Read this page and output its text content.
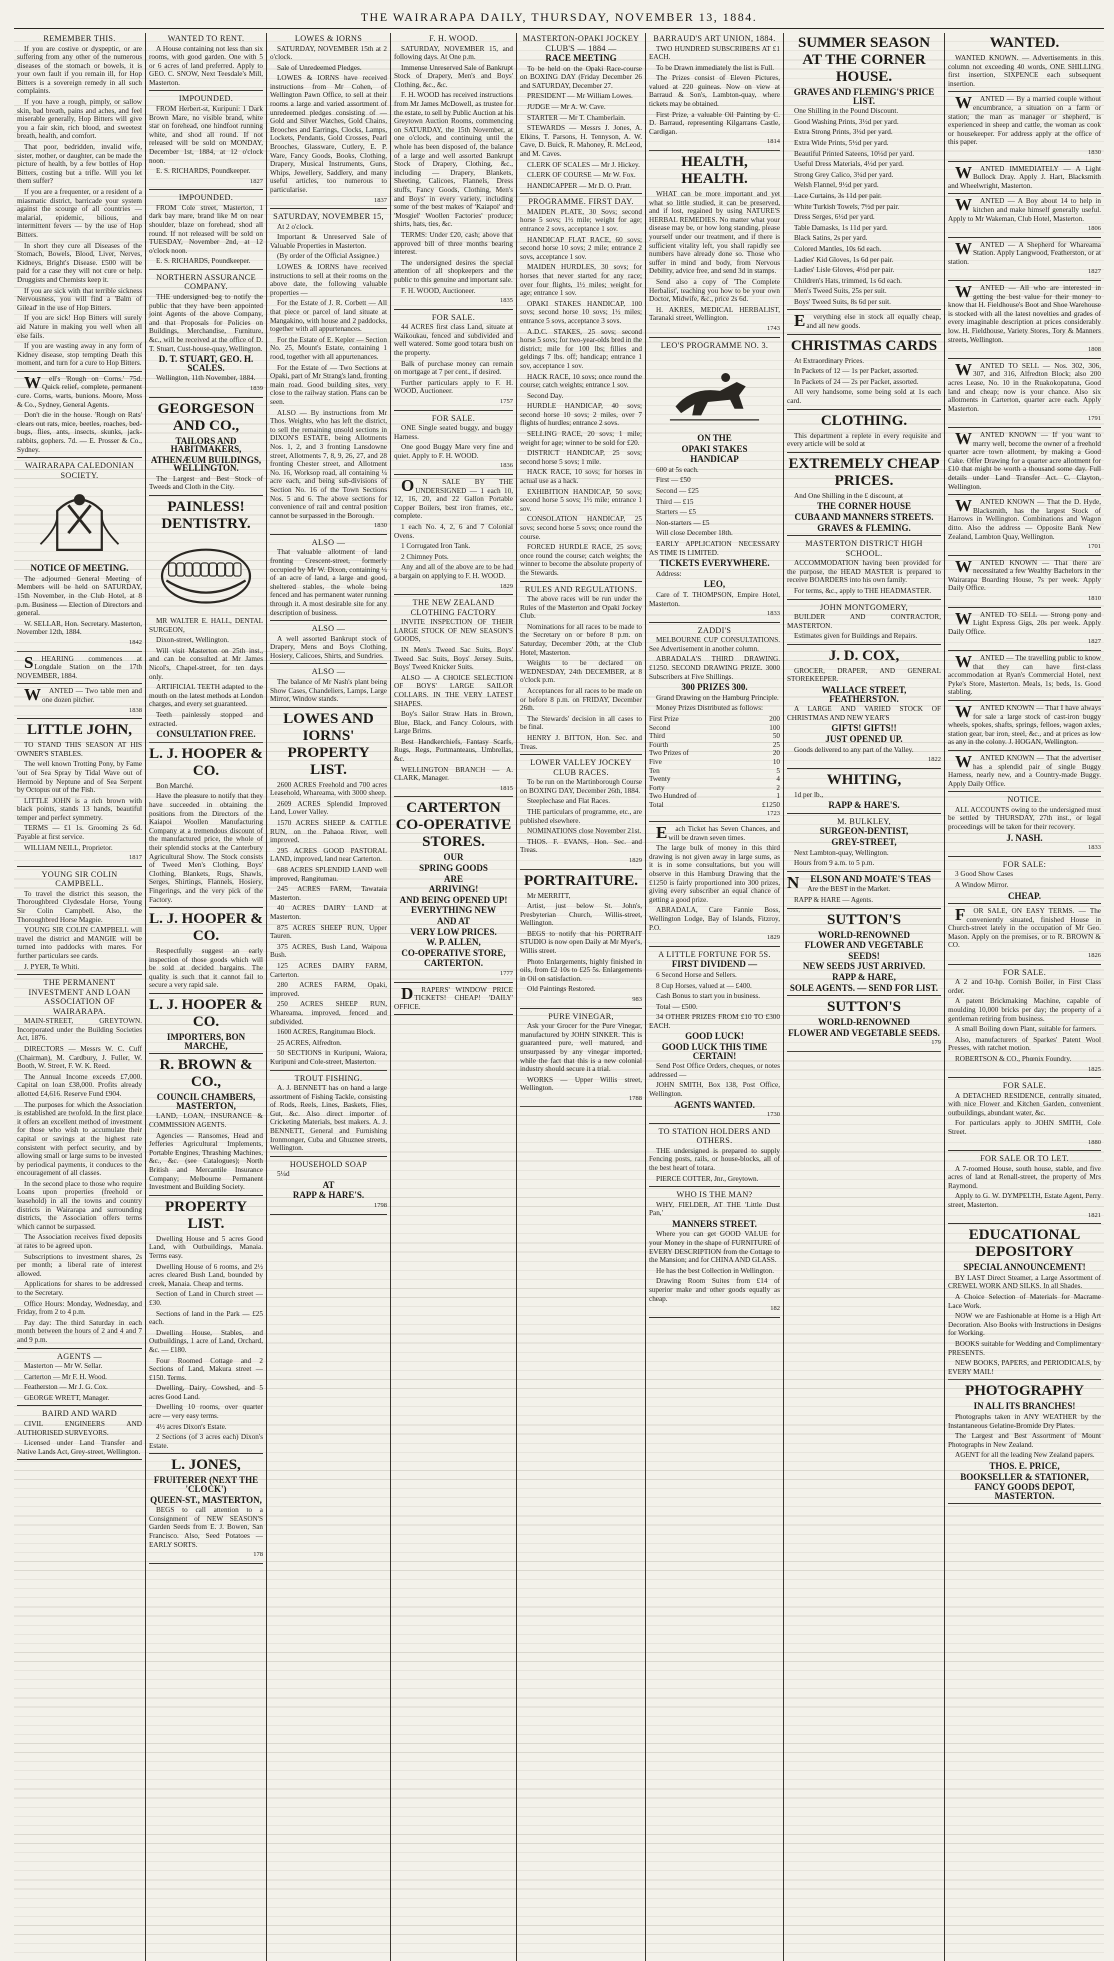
THE WAIRARAPA DAILY, THURSDAY, NOVEMBER 13, 1884.
REMEMBER THIS.

If you are costive or dyspeptic, or are suffering from any other of the numerous diseases of the stomach or bowels, it is your own fault if you remain ill, for Hop Bitters is a sovereign remedy in all such complaints.

If you have a rough, pimply, or sallow skin, bad breath, pains and aches, and feel miserable generally, Hop Bitters will give you a fair skin, rich blood, and sweetest breath, health, and comfort.

That poor, bedridden, invalid wife, sister, mother, or daughter, can be made the picture of health, by a few bottles of Hop Bitters, costing but a trifle. Will you let them suffer?

If you are a frequenter, or a resident of a miasmatic district, barricade your system against the scourge of all countries — malarial, epidemic, bilious, and intermittent fevers — by the use of Hop Bitters.

In short they cure all Diseases of the Stomach, Bowels, Blood, Liver, Nerves, Kidneys, Bright's Disease. £500 will be paid for a case they will not cure or help. Druggists and Chemists keep it.

If you are sick with that terrible sickness Nervousness, you will find a 'Balm of Gilead' in the use of Hop Bitters.

If you are sick! Hop Bitters will surely aid Nature in making you well when all else fails.

If you are wasting away in any form of Kidney disease, stop tempting Death this moment, and turn for a cure to Hop Bitters.

Well's 'Rough on Corns.' 75d. Quick relief, complete, permanent cure. Corns, warts, bunions. Moore, Moss & Co., Sydney, General Agents.

Don't die in the house. 'Rough on Rats' clears out rats, mice, beetles, roaches, bed-bugs, flies, ants, insects, skunks, jack-rabbits, gophers. 7d. — E. Prosser & Co., Sydney.

WAIRARAPA CALEDONIAN SOCIETY.

NOTICE OF MEETING.

The adjourned General Meeting of Members will be held on SATURDAY, 15th November, in the Club Hotel, at 8 p.m. Business — Election of Directors and general.

W. SELLAR, Hon. Secretary. Masterton, November 12th, 1884.

1842

SHEARING commences at Longdale Station on the 17th NOVEMBER, 1884.

WANTED — Two table men and one dozen pitcher.

1838
LITTLE JOHN,

TO STAND THIS SEASON AT HIS OWNER'S STABLES.

The well known Trotting Pony, by Fame 'out of Sea Spray by Tidal Wave out of Hermoid by Neptune and of Sea Serpent by Octopus out of the Fish.

LITTLE JOHN is a rich brown with black points, stands 13 hands, beautiful temper and perfect symmetry.

TERMS — £1 1s. Grooming 2s 6d. Payable at first service.

WILLIAM NEILL, Proprietor.

1817
YOUNG SIR COLIN CAMPBELL.

To travel the district this season, the Thoroughbred Clydesdale Horse, Young Sir Colin Campbell. Also, the Thoroughbred Horse Magpie.

YOUNG SIR COLIN CAMPBELL will travel the district and MANGIE will be turned into paddocks with mares. For further particulars see cards.

J. PYER, Te Whiti.

THE PERMANENT INVESTMENT AND LOAN ASSOCIATION OF WAIRARAPA.

MAIN-STREET, GREYTOWN. Incorporated under the Building Societies Act, 1876.

DIRECTORS — Messrs W. C. Cuff (Chairman), M. Cardbury, J. Fuller, W. Booth, W. Street, F. W. K. Reed.

The Annual Income exceeds £7,000. Capital on loan £38,000. Profits already allotted £4,616. Reserve Fund £904.

The purposes for which the Association is established are twofold. In the first place it offers an excellent method of investment for those who wish to accumulate their capital or savings at the highest rate consistent with perfect security, and by allowing small or large sums to be invested by periodical payments, it conduces to the encouragement of all classes.

In the second place to those who require Loans upon properties (freehold or leasehold) in all the towns and country districts in Wairarapa and surrounding districts, the Association offers terms which cannot be surpassed.

The Association receives fixed deposits at rates to be agreed upon.

Subscriptions to investment shares, 2s per month; a liberal rate of interest allowed.

Applications for shares to be addressed to the Secretary.

Office Hours: Monday, Wednesday, and Friday, from 2 to 4 p.m.

Pay day: The third Saturday in each month between the hours of 2 and 4 and 7 and 9 p.m.

AGENTS —

Masterton — Mr W. Sellar.

Carterton — Mr F. H. Wood.

Featherston — Mr J. G. Cox.

GEORGE WRETT, Manager.

BAIRD AND WARD

CIVIL ENGINEERS AND AUTHORISED SURVEYORS.

Licensed under Land Transfer and Native Lands Act, Grey-street, Wellington.

WANTED TO RENT.

A House containing not less than six rooms, with good garden. One with 5 or 6 acres of land preferred. Apply to GEO. C. SNOW, Next Teesdale's Mill, Masterton.

IMPOUNDED.

FROM Herbert-st, Kuripuni: 1 Dark Brown Mare, no visible brand, white star on forehead, one hindfoot running white, and shod all round. If not released will be sold on MONDAY, December 1st, 1884, at 12 o'clock noon.

E. S. RICHARDS, Poundkeeper.

1827
IMPOUNDED.

FROM Cole street, Masterton, 1 dark bay mare, brand like M on near shoulder, blaze on forehead, shod all round. If not released will be sold on TUESDAY, November 2nd, at 12 o'clock noon.

E. S. RICHARDS, Poundkeeper.

NORTHERN ASSURANCE COMPANY.

THE undersigned beg to notify the public that they have been appointed joint Agents of the above Company, and that Proposals for Policies on Buildings, Merchandise, Furniture, &c., will be received at the office of D. T. Stuart, Cust-house-quay, Wellington.

D. T. STUART, GEO. H. SCALES.

Wellington, 11th November, 1884.

1839
GEORGESON AND CO.,

TAILORS AND HABITMAKERS,

ATHENÆUM BUILDINGS, WELLINGTON.

The Largest and Best Stock of Tweeds and Cloth in the City.

PAINLESS! DENTISTRY.

MR WALTER E. HALL, DENTAL SURGEON,

Dixon-street, Wellington.

Will visit Masterton on 25th inst., and can be consulted at Mr James Nicol's, Chapel-street, for ten days only.

ARTIFICIAL TEETH adapted to the mouth on the latest methods at London charges, and every set guaranteed.

Teeth painlessly stopped and extracted.

CONSULTATION FREE.

L. J. HOOPER & CO.

Bon Marché.

Have the pleasure to notify that they have succeeded in obtaining the positions from the Directors of the Kaiapoi Woollen Manufacturing Company at a tremendous discount of the manufactured price, the whole of their splendid stocks at the Canterbury Agricultural Show. The Stock consists of Tweed Men's Clothing, Boys' Clothing, Blankets, Rugs, Shawls, Serges, Shirtings, Flannels, Hosiery, Fingerings, and the very pick of the Factory.

L. J. HOOPER & CO.

Respectfully suggest an early inspection of those goods which will be sold at decided bargains. The quality is such that it cannot fail to secure a very rapid sale.

L. J. HOOPER & CO.

IMPORTERS, BON MARCHE,

R. BROWN & CO.,

COUNCIL CHAMBERS, MASTERTON,

LAND, LOAN, INSURANCE & COMMISSION AGENTS.

Agencies — Ransomes, Head and Jefferies Agricultural Implements, Portable Engines, Thrashing Machines, &c., &c. (see Catalogues); North British and Mercantile Insurance Company; Melbourne Permanent Investment and Building Society.

PROPERTY LIST.

Dwelling House and 5 acres Good Land, with Outbuildings, Manaia. Terms easy.

Dwelling House of 6 rooms, and 2½ acres cleared Bush Land, bounded by creek, Manaia. Cheap and terms.

Section of Land in Church street — £30.

Sections of land in the Park — £25 each.

Dwelling House, Stables, and Outbuildings, 1 acre of Land, Orchard, &c. — £180.

Four Roomed Cottage and 2 Sections of Land, Makura street — £150. Terms.

Dwelling, Dairy, Cowshed, and 5 acres Good Land.

Dwelling 10 rooms, over quarter acre — very easy terms.

4½ acres Dixon's Estate.

2 Sections (of 3 acres each) Dixon's Estate.

L. JONES,

FRUITERER (NEXT THE 'CLOCK')

QUEEN-ST., MASTERTON,

BEGS to call attention to a Consignment of NEW SEASON'S Garden Seeds from E. J. Bowen, San Francisco. Also, Seed Potatoes — EARLY SORTS.

178
LOWES & IORNS

SATURDAY, NOVEMBER 15th at 2 o'clock.

Sale of Unredeemed Pledges.

LOWES & IORNS have received instructions from Mr Cohen, of Wellington Pawn Office, to sell at their rooms a large and varied assortment of unredeemed pledges consisting of — Gold and Silver Watches, Gold Chains, Brooches and Earrings, Clocks, Lamps, Lockets, Pendants, Gold Crosses, Pearl Brooches, Glassware, Cutlery, E. P. Ware, Fancy Goods, Books, Clothing, Drapery, Musical Instruments, Guns, Whips, Jewellery, Saddlery, and many useful articles, too numerous to particularise.

1837
SATURDAY, NOVEMBER 15,

At 2 o'clock.

Important & Unreserved Sale of Valuable Properties in Masterton.

(By order of the Official Assignee.)

LOWES & IORNS have received instructions to sell at their rooms on the above date, the following valuable properties —

For the Estate of J. R. Corbett — All that piece or parcel of land situate at Mangakino, with house and 2 paddocks, together with all appurtenances.

For the Estate of E. Kepler — Section No. 25, Mount's Estate, containing 1 rood, together with all appurtenances.

For the Estate of — Two Sections at Opaki, part of Mr Strang's land, fronting main road. Good building sites, very close to the railway station. Plans can be seen.

ALSO — By instructions from Mr Thos. Weights, who has left the district, to sell the remaining unsold sections in DIXON'S ESTATE, being Allotments Nos. 1, 2, and 3 fronting Lansdowne street, Allotments 7, 8, 9, 26, 27, and 28 fronting Chester street, and Allotment No. 16, Worksop road, all containing ¼ acre each, and being sub-divisions of Section No. 16 of the Town Sections Nos. 5 and 6. The above sections for convenience of rail and central position cannot be surpassed in the Borough.

1830
ALSO —

That valuable allotment of land fronting Crescent-street, formerly occupied by Mr W. Dixon, containing ¼ of an acre of land, a large and good, sheltered stables, the whole being fenced and has permanent water running through it. A most desirable site for any description of business.

ALSO —

A well assorted Bankrupt stock of Drapery, Mens and Boys Clothing, Hosiery, Calicoes, Shirts, and Sundries.

ALSO —

The balance of Mr Nash's plant being Show Cases, Chandeliers, Lamps, Large Mirror, Window stands.

LOWES AND IORNS' PROPERTY LIST.

2600 ACRES Freehold and 700 acres Leasehold, Whareama, with 3000 sheep.

2609 ACRES Splendid Improved Land, Lower Valley.

1570 ACRES SHEEP & CATTLE RUN, on the Pahaoa River, well improved.

295 ACRES GOOD PASTORAL LAND, improved, land near Carterton.

688 ACRES SPLENDID LAND well improved, Rangitumau.

245 ACRES FARM, Tawataia Masterton.

40 ACRES DAIRY LAND at Masterton.

875 ACRES SHEEP RUN, Upper Tauren.

375 ACRES, Bush Land, Waipoua Bush.

125 ACRES DAIRY FARM, Carterton.

280 ACRES FARM, Opaki, improved.

250 ACRES SHEEP RUN, Whareama, improved, fenced and subdivided.

1600 ACRES, Rangitumau Block.

25 ACRES, Alfredton.

50 SECTIONS in Kuripuni, Waiora, Kuripuni and Cole-street, Masterton.

TROUT FISHING.

A. J. BENNETT has on hand a large assortment of Fishing Tackle, consisting of Rods, Reels, Lines, Baskets, Flies, Gut, &c. Also direct importer of Cricketing Materials, best makers. A. J. BENNETT, General and Furnishing Ironmonger, Cuba and Ghuznee streets, Wellington.

HOUSEHOLD SOAP

5¼d

AT

RAPP & HARE'S.

1798
F. H. WOOD.

SATURDAY, NOVEMBER 15, and following days. At One p.m.

Immense Unreserved Sale of Bankrupt Stock of Drapery, Men's and Boys' Clothing, &c., &c.

F. H. WOOD has received instructions from Mr James McDowell, as trustee for the estate, to sell by Public Auction at his Greytown Auction Rooms, commencing on SATURDAY, the 15th November, at one o'clock, and continuing until the whole has been disposed of, the balance of a large and well assorted Bankrupt Stock of Drapery, Clothing, &c., including — Drapery, Blankets, Sheeting, Calicoes, Flannels, Dress stuffs, Fancy Goods, Clothing, Men's and Boys' in every variety, including some of the best makes of 'Kaiapoi' and 'Mosgiel' Woollen Factories' produce; shirts, hats, ties, &c.

TERMS: Under £20, cash; above that approved bill of three months bearing interest.

The undersigned desires the special attention of all shopkeepers and the public to this genuine and important sale.

F. H. WOOD, Auctioneer.

1835
FOR SALE.

44 ACRES first class Land, situate at Waikoukau, fenced and subdivided and well watered. Some good totara bush on the property.

Balk of purchase money can remain on mortgage at 7 per cent., if desired.

Further particulars apply to F. H. WOOD, Auctioneer.

1757
FOR SALE.

ONE Single seated buggy, and buggy Harness.

One good Buggy Mare very fine and quiet. Apply to F. H. WOOD.

1836

ON SALE BY THE UNDERSIGNED — 1 each 10, 12, 16, 20, and 22 Gallon Portable Copper Boilers, best iron frames, etc., complete.

1 each No. 4, 2, 6 and 7 Colonial Ovens.

1 Corrugated Iron Tank.

2 Chimney Pots.

Any and all of the above are to be had a bargain on applying to F. H. WOOD.

1829
THE NEW ZEALAND CLOTHING FACTORY

INVITE INSPECTION OF THEIR LARGE STOCK OF NEW SEASON'S GOODS,

IN Men's Tweed Sac Suits, Boys' Tweed Sac Suits, Boys' Jersey Suits, Boys' Tweed Knicker Suits.

ALSO — A CHOICE SELECTION OF BOYS' LARGE SAILOR COLLARS. IN THE VERY LATEST SHAPES.

Boy's Sailor Straw Hats in Brown, Blue, Black, and Fancy Colours, with Large Brims.

Best Handkerchiefs, Fantasy Scarfs, Rugs, Regs, Portmanteaus, Umbrellas, &c.

WELLINGTON BRANCH — A. CLARK, Manager.

1815
CARTERTON CO-OPERATIVE STORES.

OUR

SPRING GOODS

ARE

ARRIVING!

AND BEING OPENED UP!

EVERYTHING NEW

AND AT

VERY LOW PRICES.

W. P. ALLEN,

CO-OPERATIVE STORE,

CARTERTON.

1777

DRAPERS' WINDOW PRICE TICKETS! CHEAP! 'DAILY' OFFICE.

MASTERTON-OPAKI JOCKEY CLUB'S — 1884 —

RACE MEETING

To be held on the Opaki Race-course on BOXING DAY (Friday December 26 and SATURDAY, December 27.

PRESIDENT — Mr William Lowes.

JUDGE — Mr A. W. Cave.

STARTER — Mr T. Chamberlain.

STEWARDS — Messrs J. Jones, A. Elkins, T. Parsons, H. Tennyson, A. W. Cave, D. Buick, R. Mahoney, R. McLeod, and M. Caves.

CLERK OF SCALES — Mr J. Hickey.

CLERK OF COURSE — Mr W. Fox.

HANDICAPPER — Mr D. O. Pratt.

PROGRAMME. FIRST DAY.

MAIDEN PLATE, 30 Sovs; second horse 5 sovs; 1½ mile; weight for age; entrance 2 sovs, acceptance 1 sov.

HANDICAP FLAT RACE, 60 sovs; second horse 10 sovs; 2 mile; entrance 2 sovs, acceptance 1 sov.

MAIDEN HURDLES, 30 sovs; for horses that never started for any race; over four flights, 1½ miles; weight for age; entrance 1 sov.

OPAKI STAKES HANDICAP, 100 sovs; second horse 10 sovs; 1½ miles; entrance 5 sovs, acceptance 3 sovs.

A.D.C. STAKES, 25 sovs; second horse 5 sovs; for two-year-olds bred in the district; mile for 100 lbs; fillies and geldings 7 lbs. off; handicap; entrance 1 sov, acceptance 1 sov.

HACK RACE, 10 sovs; once round the course; catch weights; entrance 1 sov.

Second Day.

HURDLE HANDICAP, 40 sovs; second horse 10 sovs; 2 miles, over 7 flights of hurdles; entrance 2 sovs.

SELLING RACE, 20 sovs; 1 mile; weight for age; winner to be sold for £20.

DISTRICT HANDICAP, 25 sovs; second horse 5 sovs; 1 mile.

HACK RACE, 10 sovs; for horses in actual use as a hack.

EXHIBITION HANDICAP, 50 sovs; second horse 5 sovs; 1½ mile; entrance 1 sov.

CONSOLATION HANDICAP, 25 sovs; second horse 5 sovs; once round the course.

FORCED HURDLE RACE, 25 sovs; once round the course; catch weights; the winner to become the absolute property of the Stewards.

RULES AND REGULATIONS.

The above races will be run under the Rules of the Masterton and Opaki Jockey Club.

Nominations for all races to be made to the Secretary on or before 8 p.m. on Saturday, December 20th, at the Club Hotel, Masterton.

Weights to be declared on WEDNESDAY, 24th DECEMBER, at 8 o'clock p.m.

Acceptances for all races to be made on or before 8 p.m. on FRIDAY, December 26th.

The Stewards' decision in all cases to be final.

HENRY J. BITTON, Hon. Sec. and Treas.

LOWER VALLEY JOCKEY CLUB RACES.

To be run on the Martinborough Course on BOXING DAY, December 26th, 1884.

Steeplechase and Flat Races.

THE particulars of programme, etc., are published elsewhere.

NOMINATIONS close November 21st.

THOS. F. EVANS, Hon. Sec. and Treas.

1829
PORTRAITURE.

Mr MERRITT,

Artist, just below St. John's, Presbyterian Church, Willis-street, Wellington.

BEGS to notify that his PORTRAIT STUDIO is now open Daily at Mr Myer's, Willis street.

Photo Enlargements, highly finished in oils, from £2 10s to £25 5s. Enlargements in Oil on satisfaction.

Old Paintings Restored.

983
PURE VINEGAR,

Ask your Grocer for the Pure Vinegar, manufactured by JOHN SINKER. This is guaranteed pure, well matured, and unsurpassed by any vinegar imported, while the fact that this is a new colonial industry should secure it a trial.

WORKS — Upper Willis street, Wellington.

1788
BARRAUD'S ART UNION, 1884.

TWO HUNDRED SUBSCRIBERS AT £1 EACH.

To be Drawn immediately the list is Full.

The Prizes consist of Eleven Pictures, valued at 220 guineas. Now on view at Barraud & Son's, Lambton-quay, where tickets may be obtained.

First Prize, a valuable Oil Painting by C. D. Barraud, representing Kilgarrans Castle, Cardigan.

1814
HEALTH, HEALTH.

WHAT can be more important and yet what so little studied, it can be preserved, and if lost, regained by using NATURE'S HERBAL REMEDIES. No matter what your disease may be, or how long standing, please yourself under our treatment, and if there is sufficient vitality left, you shall rapidly see numbers have already done so. Those who suffer in mind and body, from Nervous Debility, advice free, and send 3d in stamps.

Send also a copy of 'The Complete Herbalist', teaching you how to be your own Doctor, Midwife, &c., price 2s 6d.

H. AKRES, MEDICAL HERBALIST, Taranaki street, Wellington.

1743
LEO'S PROGRAMME NO. 3.

ON THE

OPAKI STAKES

HANDICAP

600 at 5s each.

First — £50

Second — £25

Third — £15

Starters — £5

Non-starters — £5

Will close December 18th.

EARLY APPLICATION NECESSARY AS TIME IS LIMITED.

TICKETS EVERYWHERE.

Address:

LEO,

Care of T. THOMPSON, Empire Hotel, Masterton.

1833
ZADDI'S

MELBOURNE CUP CONSULTATIONS. See Advertisement in another column.

ABRADALA'S THIRD DRAWING. £1250. SECOND DRAWING PRIZE. 3000 Subscribers at Five Shillings.

300 PRIZES 300.

Grand Drawing on the Hamburg Principle.

Money Prizes Distributed as follows:

First Prize	200
Second	100
Third	50
Fourth	25
Two Prizes of	20
Five	10
Ten	5
Twenty	4
Forty	2
Two Hundred of	1
Total	£1250
1723

Each Ticket has Seven Chances, and will be drawn seven times.

The large bulk of money in this third drawing is not given away in large sums, as it is in some consultations, but you will observe in this Hamburg Drawing that the £1250 is fairly proportioned into 300 prizes, giving every subscriber an equal chance of getting a good prize.

ABRADALA, Care Fannie Boss, Wellington Lodge, Bay of Islands, Fitzroy, P.O.

1829
A LITTLE FORTUNE FOR 5S.

FIRST DIVIDEND —

6 Second Horse and Sellers.

8 Cup Horses, valued at — £400.

Cash Bonus to start you in business.

Total — £500.

34 OTHER PRIZES FROM £10 TO £300 EACH.

GOOD LUCK!

GOOD LUCK THIS TIME CERTAIN!

Send Post Office Orders, cheques, or notes addressed —

JOHN SMITH, Box 138, Post Office, Wellington.

AGENTS WANTED.

1730
TO STATION HOLDERS AND OTHERS.

THE undersigned is prepared to supply Fencing posts, rails, or house-blocks, all of the best heart of totara.

PIERCE COTTER, Jnr., Greytown.

WHO IS THE MAN?

WHY, FIELDER, AT THE 'Little Dust Pan,'

MANNERS STREET.

Where you can get GOOD VALUE for your Money in the shape of FURNITURE of EVERY DESCRIPTION from the Cottage to the Mansion; and for CHINA AND GLASS.

He has the best Collection in Wellington.

Drawing Room Suites from £14 of superior make and other goods equally as cheap.

182
SUMMER SEASON AT THE CORNER HOUSE.

GRAVES AND FLEMING'S PRICE LIST.

One Shilling in the Pound Discount.

Good Washing Prints, 3½d per yard.

Extra Strong Prints, 3½d per yard.

Extra Wide Prints, 5½d per yard.

Beautiful Printed Sateens, 10½d per yard.

Useful Dress Materials, 4½d per yard.

Strong Grey Calico, 3¼d per yard.

Welsh Flannel, 9½d per yard.

Lace Curtains, 3s 11d per pair.

White Turkish Towels, 7½d per pair.

Dress Serges, 6½d per yard.

Table Damasks, 1s 11d per yard.

Black Satins, 2s per yard.

Colored Mantles, 10s 6d each.

Ladies' Kid Gloves, 1s 6d per pair.

Ladies' Lisle Gloves, 4½d per pair.

Children's Hats, trimmed, 1s 6d each.

Men's Tweed Suits, 25s per suit.

Boys' Tweed Suits, 8s 6d per suit.

Everything else in stock all equally cheap, and all new goods.

CHRISTMAS CARDS

At Extraordinary Prices.

In Packets of 12 — 1s per Packet, assorted.

In Packets of 24 — 2s per Packet, assorted.

All very handsome, some being sold at 1s each card.

CLOTHING.

This department a replete in every requisite and every article will be sold at

EXTREMELY CHEAP PRICES.

And One Shilling in the £ discount, at

THE CORNER HOUSE

CUBA AND MANNERS STREETS.

GRAVES & FLEMING.

MASTERTON DISTRICT HIGH SCHOOL.

ACCOMMODATION having been provided for the purpose, the HEAD MASTER is prepared to receive BOARDERS into his own family.

For terms, &c., apply to THE HEADMASTER.

JOHN MONTGOMERY,

BUILDER AND CONTRACTOR, MASTERTON.

Estimates given for Buildings and Repairs.

J. D. COX,

GROCER, DRAPER, AND GENERAL STOREKEEPER.

WALLACE STREET, FEATHERSTON.

A LARGE AND VARIED STOCK OF CHRISTMAS AND NEW YEAR'S

GIFTS! GIFTS!!

JUST OPENED UP.

Goods delivered to any part of the Valley.

1822
WHITING,

1d per lb.,

RAPP & HARE'S.

M. BULKLEY,

SURGEON-DENTIST,

GREY-STREET,

Next Lambton-quay, Wellington.

Hours from 9 a.m. to 5 p.m.

NELSON AND MOATE'S TEAS

Are the BEST in the Market.

RAPP & HARE — Agents.

SUTTON'S

WORLD-RENOWNED

FLOWER AND VEGETABLE

SEEDS!

NEW SEEDS JUST ARRIVED.

RAPP & HARE,

SOLE AGENTS. — SEND FOR LIST.

SUTTON'S

WORLD-RENOWNED

FLOWER AND VEGETABLE SEEDS.

179
WANTED.

WANTED KNOWN. — Advertisements in this column not exceeding 40 words, ONE SHILLING first insertion, SIXPENCE each subsequent insertion.

WANTED — By a married couple without encumbrance, a situation on a farm or station; the man as manager or shepherd, is experienced in sheep and cattle, the woman as cook or housekeeper. For address apply at the office of this paper.

1830

WANTED IMMEDIATELY — A Light Bullock Dray. Apply J. Hart, Blacksmith and Wheelwright, Masterton.

WANTED — A Boy about 14 to help in kitchen and make himself generally useful. Apply to Mr Wakeman, Club Hotel, Masterton.

1806

WANTED — A Shepherd for Whareama Station. Apply Langwood, Featherston, or at station.

1827

WANTED — All who are interested in getting the best value for their money to know that H. Fieldhouse's Boot and Shoe Warehouse is stocked with all the latest novelties and grades of every imaginable description at prices considerably low. H. Fieldhouse, Variety Stores, Tory & Manners streets, Wellington.

1808

WANTED TO SELL — Nos. 302, 306, 307, and 316, Alfredton Block; also 200 acres Lease, No. 10 in the Ruakokopatuna, Good land and cheap; now is your chance. Also six allotments in Carterton, quarter acre each. Apply Masterton.

1791

WANTED KNOWN — If you want to marry well, become the owner of a freehold quarter acre town allotment, by making a Good Cake. Offer Drawing for a quarter acre allotment for £10 that might be worth a thousand some day. Full details under Land Transfer Act. C. Clayton, Wellington.

WANTED KNOWN — That the D. Hyde, Blacksmith, has the largest Stock of Harrows in Wellington. Combinations and Wagon ditto. Also the address — Opposite Bank New Zealand, Lambton Quay, Wellington.

1701

WANTED KNOWN — That there are necessitated a few Wealthy Bachelors in the Wairarapa Boarding House, 7s per week. Apply Daily Office.

1810

WANTED TO SELL — Strong pony and Light Express Gigs, 20s per week. Apply Daily Office.

1827

WANTED — The travelling public to know that they can have first-class accommodation at Ryan's Commercial Hotel, next Pyke's Store, Masterton. Meals, 1s; beds, 1s. Good stabling.

WANTED KNOWN — That I have always for sale a large stock of cast-iron buggy wheels, spokes, shafts, springs, felloes, wagon axles, station gear, bar iron, steel, &c., and at prices as low as any in the colony. J. HOGAN, Wellington.

WANTED KNOWN — That the advertiser has a splendid pair of single Buggy Harness, nearly new, and a Country-made Buggy. Apply Daily Office.

NOTICE.

ALL ACCOUNTS owing to the undersigned must be settled by THURSDAY, 27th inst., or legal proceedings will be taken for their recovery.

J. NASH.

1833
FOR SALE:

3 Good Show Cases

A Window Mirror.

CHEAP.

FOR SALE, ON EASY TERMS. — The conveniently situated, finished House in Church-street lately in the occupation of Mr Geo. Mason. Apply on the premises, or to R. BROWN & CO.

1826
FOR SALE.

A 2 and 10-hp. Cornish Boiler, in First Class order.

A patent Brickmaking Machine, capable of moulding 10,000 bricks per day; the property of a gentleman retiring from business.

A small Boiling down Plant, suitable for farmers.

Also, manufacturers of Sparkes' Patent Wool Presses, with ratchet motion.

ROBERTSON & CO., Phœnix Foundry.

1825
FOR SALE.

A DETACHED RESIDENCE, centrally situated, with nice Flower and Kitchen Garden, convenient outbuildings, abundant water, &c.

For particulars apply to JOHN SMITH, Cole Street.

1880
FOR SALE OR TO LET.

A 7-roomed House, south house, stable, and five acres of land at Renall-street, the property of Mrs Raymond.

Apply to G. W. DYMPELTH, Estate Agent, Perry street, Masterton.

1821
EDUCATIONAL DEPOSITORY

SPECIAL ANNOUNCEMENT!

BY LAST Direct Steamer, a Large Assortment of CREWEL WORK AND SILKS. In all Shades.

A Choice Selection of Materials for Macrame Lace Work.

NOW we are Fashionable at Home is a High Art Decoration. Also Books with Instructions in Designs for Working.

BOOKS suitable for Wedding and Complimentary PRESENTS.

NEW BOOKS, PAPERS, and PERIODICALS, by EVERY MAIL!

PHOTOGRAPHY

IN ALL ITS BRANCHES!

Photographs taken in ANY WEATHER by the Instantaneous Gelatine-Bromide Dry Plates.

The Largest and Best Assortment of Mount Photographs in New Zealand.

AGENT for all the leading New Zealand papers.

THOS. E. PRICE,

BOOKSELLER & STATIONER,

FANCY GOODS DEPOT, MASTERTON.
